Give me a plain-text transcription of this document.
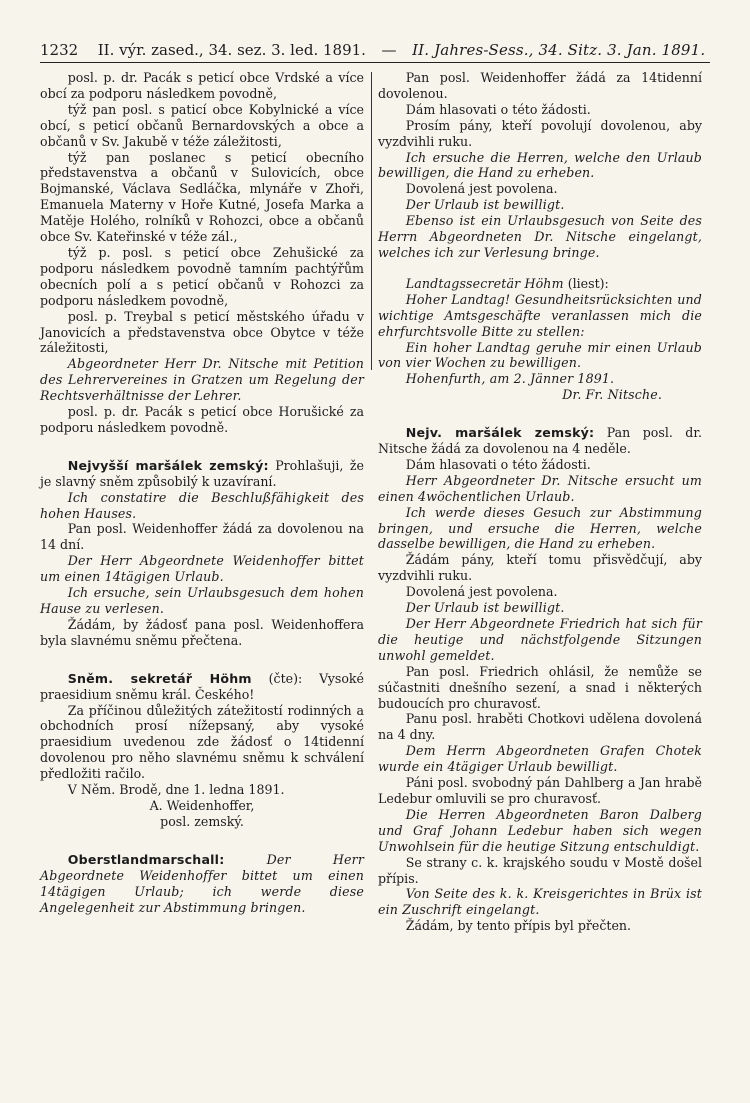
1232 II. výr. zased., 34. sez. 3. led. 1891. — II. Jahres-Sess., 34. Sitz. 3. Jan. 1891.

posl. p. dr. Pacák s peticí obce Vrdské a více obcí za podporu následkem povodně,

týž pan posl. s paticí obce Kobylnické a více obcí, s peticí občanů Bernardovských a obce a občanů v Sv. Jakubě v téže záležitosti,

týž pan poslanec s peticí obecního představenstva a občanů v Sulovicích, obce Bojmanské, Václava Sedláčka, mlynáře v Zhoři, Emanuela Materny v Hoře Kutné, Josefa Marka a Matěje Holého, rolníků v Rohozci, obce a občanů obce Sv. Kateřinské v téže zál.,

týž p. posl. s peticí obce Zehušické za podporu následkem povodně tamním pachtýřům obecních polí a s peticí občanů v Rohozci za podporu následkem povodně,

posl. p. Treybal s peticí městského úřadu v Janovicích a představenstva obce Obytce v téže záležitosti,

Abgeordneter Herr Dr. Nitsche mit Petition des Lehrervereines in Gratzen um Regelung der Rechtsverhältnisse der Lehrer.

posl. p. dr. Pacák s peticí obce Horušické za podporu následkem povodně.

Nejvyšší maršálek zemský: Prohlašuji, že je slavný sněm způsobilý k uzavíraní.

Ich constatire die Beschlußfähigkeit des hohen Hauses.

Pan posl. Weidenhoffer žádá za dovolenou na 14 dní.

Der Herr Abgeordnete Weidenhoffer bittet um einen 14tägigen Urlaub.

Ich ersuche, sein Urlaubsgesuch dem hohen Hause zu verlesen.

Žádám, by žádosť pana posl. Weidenhoffera byla slavnému sněmu přečtena.

Sněm. sekretář Höhm (čte): Vysoké praesidium sněmu král. Českého!

Za příčinou důležitých zátežitostí rodinných a obchodních prosí nížepsaný, aby vysoké praesidium uvedenou zde žádosť o 14tidenní dovolenou pro něho slavnému sněmu k schválení předložiti račilo.

V Něm. Brodě, dne 1. ledna 1891.

A. Weidenhoffer,

posl. zemský.

Oberstlandmarschall:	Der Herr Abgeordnete Weidenhoffer bittet um einen 14tägigen Urlaub; ich werde diese Angelegenheit zur Abstimmung bringen.

Pan posl. Weidenhoffer žádá za 14tidenní dovolenou.

Dám hlasovati o této žádosti.

Prosím pány, kteří povolují dovolenou, aby vyzdvihli ruku.

Ich ersuche die Herren, welche den Urlaub bewilligen, die Hand zu erheben.

Dovolená jest povolena.

Der Urlaub ist bewilligt.

Ebenso ist ein Urlaubsgesuch von Seite des Herrn Abgeordneten Dr. Nitsche eingelangt, welches ich zur Verlesung bringe.

Landtagssecretär Höhm (liest):

Hoher Landtag! Gesundheitsrücksichten und wichtige Amtsgeschäfte veranlassen mich die ehrfurchtsvolle Bitte zu stellen:

Ein hoher Landtag geruhe mir einen Urlaub von vier Wochen zu bewilligen.

Hohenfurth, am 2. Jänner 1891.

Dr. Fr. Nitsche.

Nejv. maršálek zemský: Pan posl. dr. Nitsche žádá za dovolenou na 4 neděle.

Dám hlasovati o této žádosti.

Herr Abgeordneter Dr. Nitsche ersucht um einen 4wöchentlichen Urlaub.

Ich werde dieses Gesuch zur Abstimmung bringen, und ersuche die Herren, welche dasselbe bewilligen, die Hand zu erheben.

Žádám pány, kteří tomu přisvědčují, aby vyzdvihli ruku.

Dovolená jest povolena.

Der Urlaub ist bewilligt.

Der Herr Abgeordnete Friedrich hat sich für die heutige und nächstfolgende Sitzungen unwohl gemeldet.

Pan posl. Friedrich ohlásil, že nemůže se súčastniti dnešního sezení, a snad i některých budoucích pro churavosť.

Panu posl. hraběti Chotkovi udělena dovolená na 4 dny.

Dem Herrn Abgeordneten Grafen Chotek wurde ein 4tägiger Urlaub bewilligt.

Páni posl. svobodný pán Dahlberg a Jan hrabě Ledebur omluvili se pro churavosť.

Die Herren Abgeordneten Baron Dalberg und Graf Johann Ledebur haben sich wegen Unwohlsein für die heutige Sitzung entschuldigt.

Se strany c. k. krajského soudu v Mostě došel přípis.

Von Seite des k. k. Kreisgerichtes in Brüx ist ein Zuschrift eingelangt.

Žádám, by tento přípis byl přečten.
